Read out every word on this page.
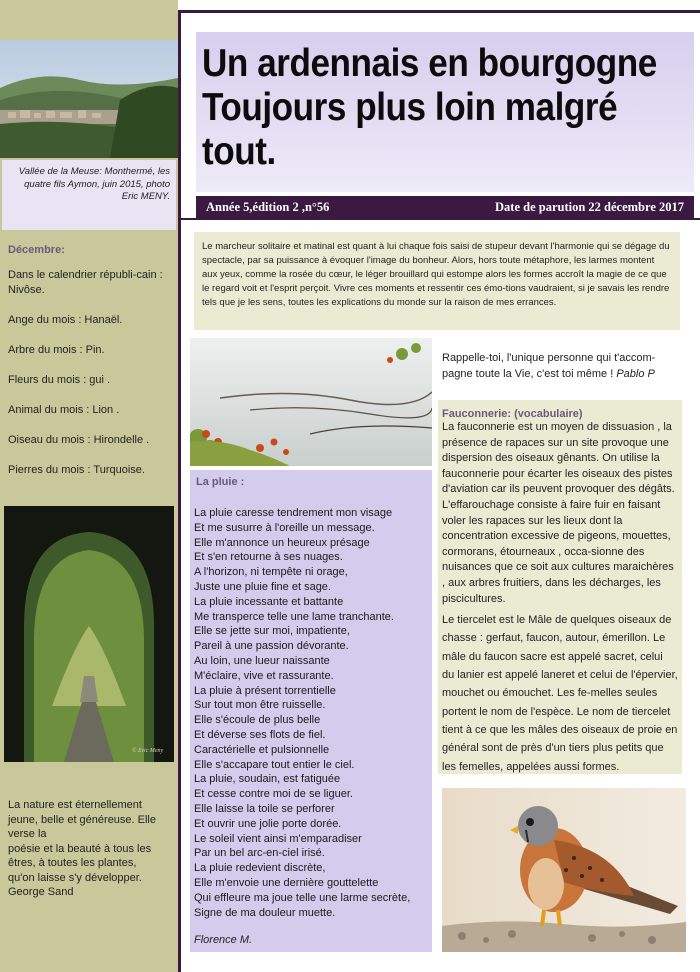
Vallée de la Meuse: Monthermé, les quatre fils Aymon, juin 2015, photo Eric MENY.
Décembre:
Dans le calendrier républi-cain : Nivôse.
Ange du mois : Hanaël.
Arbre du mois : Pin.
Fleurs du mois : gui .
Animal du mois : Lion .
Oiseau du mois : Hirondelle .
Pierres du mois : Turquoise.
© Eric Meny
La nature est éternellement
jeune, belle et généreuse. Elle
verse la
poésie et la beauté à tous les
êtres, à toutes les plantes,
qu'on laisse s'y développer.
George Sand
Un ardennais en bourgogne
Toujours plus loin malgré
tout.
Année 5,édition 2 ,n°56	Date de parution 22 décembre 2017
Le marcheur solitaire et matinal est quant à lui chaque fois saisi de stupeur devant l'harmonie qui se dégage du spectacle, par sa puissance à évoquer l'image du bonheur. Alors, hors toute métaphore, les larmes montent aux yeux, comme la rosée du cœur, le léger brouillard qui estompe alors les formes accroît la magie de ce que le regard voit et l'esprit perçoit. Vivre ces moments et ressentir ces émo-tions vaudraient, si je savais les rendre tels que je les sens, toutes les explications du monde sur la raison de mes errances.
La pluie :
La pluie caresse tendrement mon visage
Et me susurre à l'oreille un message.
Elle m'annonce un heureux présage
Et s'en retourne à ses nuages.
A l'horizon, ni tempête ni orage,
Juste une pluie fine et sage.
La pluie incessante et battante
Me transperce telle une lame tranchante.
Elle se jette sur moi, impatiente,
Pareil à une passion dévorante.
Au loin, une lueur naissante
M'éclaire, vive et rassurante.
La pluie à présent torrentielle
Sur tout mon être ruisselle.
Elle s'écoule de plus belle
Et déverse ses flots de fiel.
Caractérielle et pulsionnelle
Elle s'accapare tout entier le ciel.
La pluie, soudain, est fatiguée
Et cesse contre moi de se liguer.
Elle laisse la toile se perforer
Et ouvrir une jolie porte dorée.
Le soleil vient ainsi m'emparadiser
Par un bel arc-en-ciel irisé.
La pluie redevient discrète,
Elle m'envoie une dernière gouttelette
Qui effleure ma joue telle une larme secrète,
Signe de ma douleur muette.
Florence M.
Rappelle-toi, l'unique personne qui t'accom-pagne toute la Vie, c'est toi même ! Pablo P
Fauconnerie: (vocabulaire)
La fauconnerie est un moyen de dissuasion , la présence de rapaces sur un site provoque une dispersion des oiseaux gênants. On utilise la fauconnerie pour écarter les oiseaux des pistes d'aviation car ils peuvent provoquer des dégâts. L'effarouchage consiste à faire fuir en faisant voler les rapaces sur les lieux dont la concentration excessive de pigeons, mouettes, cormorans, étourneaux , occa-sionne des nuisances que ce soit aux cultures maraichères , aux arbres fruitiers, dans les décharges, les piscicultures.
Le tiercelet est le Mâle de quelques oiseaux de chasse : gerfaut, faucon, autour, émerillon. Le mâle du faucon sacre est appelé sacret, celui du lanier est appelé laneret et celui de l'épervier, mouchet ou émouchet. Les fe-melles seules portent le nom de l'espèce. Le nom de tiercelet tient à ce que les mâles des oiseaux de proie en général sont de près d'un tiers plus petits que les femelles, appelées aussi formes.
